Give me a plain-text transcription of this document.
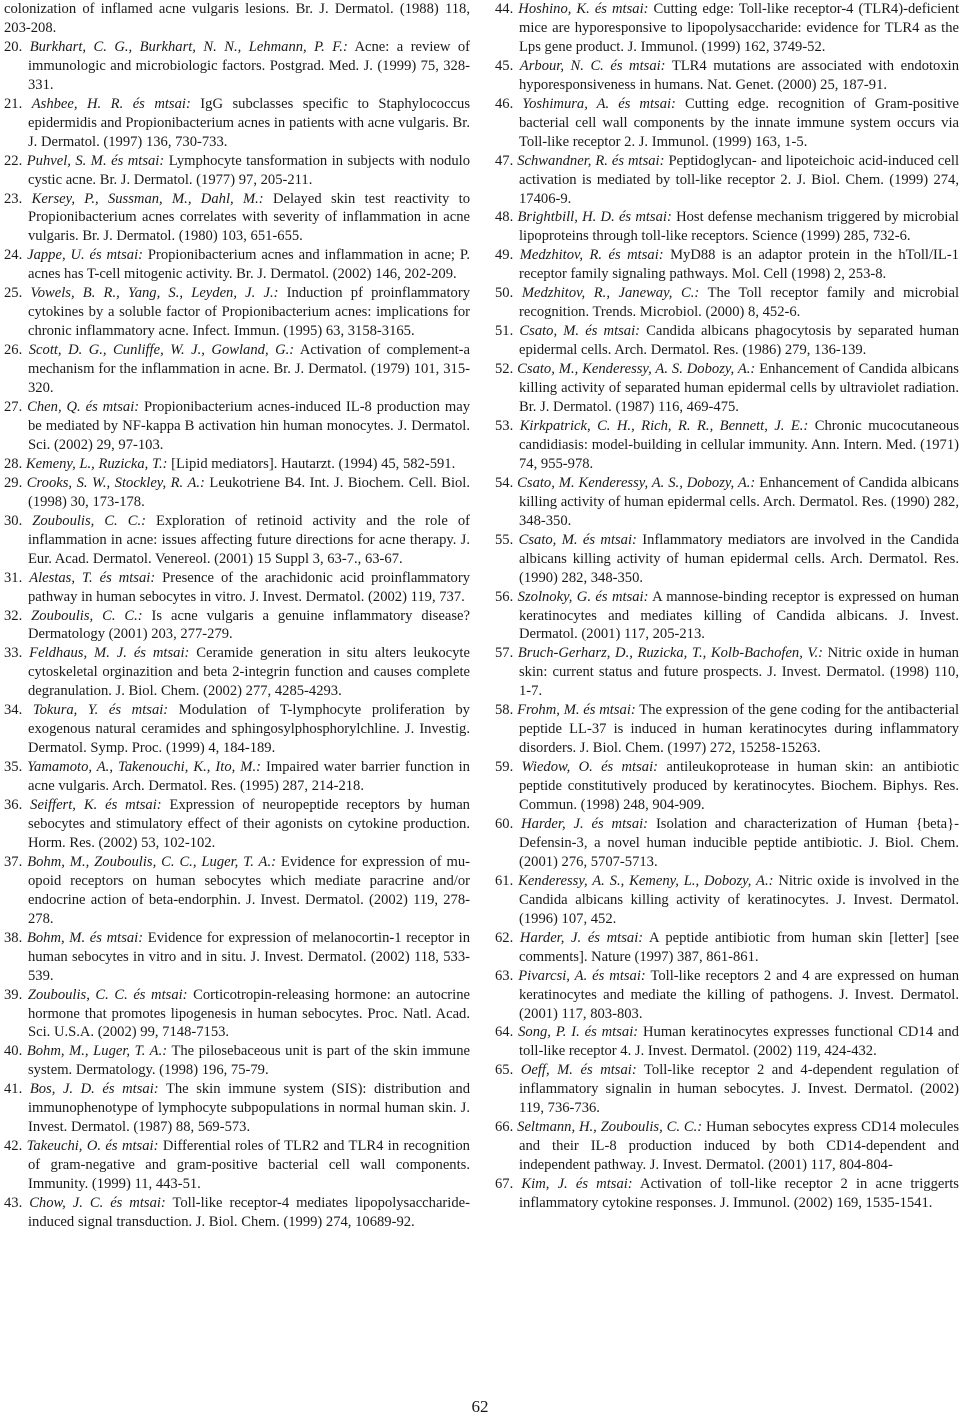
colonization of inflamed acne vulgaris lesions. Br. J. Dermatol. (1988) 118, 203-208.

20. Burkhart, C. G., Burkhart, N. N., Lehmann, P. F.: Acne: a review of immunologic and microbiologic factors. Postgrad. Med. J. (1999) 75, 328-331.

21. Ashbee, H. R. és mtsai: IgG subclasses specific to Staphylococcus epidermidis and Propionibacterium acnes in patients with acne vulgaris. Br. J. Dermatol. (1997) 136, 730-733.

22. Puhvel, S. M. és mtsai: Lymphocyte tansformation in subjects with nodulo cystic acne. Br. J. Dermatol. (1977) 97, 205-211.

23. Kersey, P., Sussman, M., Dahl, M.: Delayed skin test reactivity to Propionibacterium acnes correlates with severity of inflammation in acne vulgaris. Br. J. Dermatol. (1980) 103, 651-655.

24. Jappe, U. és mtsai: Propionibacterium acnes and inflammation in acne; P. acnes has T-cell mitogenic activity. Br. J. Dermatol. (2002) 146, 202-209.

25. Vowels, B. R., Yang, S., Leyden, J. J.: Induction pf proinflammatory cytokines by a soluble factor of Propionibacterium acnes: implications for chronic inflammatory acne. Infect. Immun. (1995) 63, 3158-3165.

26. Scott, D. G., Cunliffe, W. J., Gowland, G.: Activation of complement-a mechanism for the inflammation in acne. Br. J. Dermatol. (1979) 101, 315-320.

27. Chen, Q. és mtsai: Propionibacterium acnes-induced IL-8 production may be mediated by NF-kappa B activation hin human monocytes. J. Dermatol. Sci. (2002) 29, 97-103.

28. Kemeny, L., Ruzicka, T.: [Lipid mediators]. Hautarzt. (1994) 45, 582-591.

29. Crooks, S. W., Stockley, R. A.: Leukotriene B4. Int. J. Biochem. Cell. Biol. (1998) 30, 173-178.

30. Zouboulis, C. C.: Exploration of retinoid activity and the role of inflammation in acne: issues affecting future directions for acne therapy. J. Eur. Acad. Dermatol. Venereol. (2001) 15 Suppl 3, 63-7., 63-67.

31. Alestas, T. és mtsai: Presence of the arachidonic acid proinflammatory pathway in human sebocytes in vitro. J. Invest. Dermatol. (2002) 119, 737.

32. Zouboulis, C. C.: Is acne vulgaris a genuine inflammatory disease? Dermatology (2001) 203, 277-279.

33. Feldhaus, M. J. és mtsai: Ceramide generation in situ alters leukocyte cytoskeletal orginazition and beta 2-integrin function and causes complete degranulation. J. Biol. Chem. (2002) 277, 4285-4293.

34. Tokura, Y. és mtsai: Modulation of T-lymphocyte proliferation by exogenous natural ceramides and sphingosylphosphorylchline. J. Investig. Dermatol. Symp. Proc. (1999) 4, 184-189.

35. Yamamoto, A., Takenouchi, K., Ito, M.: Impaired water barrier function in acne vulgaris. Arch. Dermatol. Res. (1995) 287, 214-218.

36. Seiffert, K. és mtsai: Expression of neuropeptide receptors by human sebocytes and stimulatory effect of their agonists on cytokine production. Horm. Res. (2002) 53, 102-102.

37. Bohm, M., Zouboulis, C. C., Luger, T. A.: Evidence for expression of mu-opoid receptors on human sebocytes which mediate paracrine and/or endocrine action of beta-endorphin. J. Invest. Dermatol. (2002) 119, 278-278.

38. Bohm, M. és mtsai: Evidence for expression of melanocortin-1 receptor in human sebocytes in vitro and in situ. J. Invest. Dermatol. (2002) 118, 533-539.

39. Zouboulis, C. C. és mtsai: Corticotropin-releasing hormone: an autocrine hormone that promotes lipogenesis in human sebocytes. Proc. Natl. Acad. Sci. U.S.A. (2002) 99, 7148-7153.

40. Bohm, M., Luger, T. A.: The pilosebaceous unit is part of the skin immune system. Dermatology. (1998) 196, 75-79.

41. Bos, J. D. és mtsai: The skin immune system (SIS): distribution and immunophenotype of lymphocyte subpopulations in normal human skin. J. Invest. Dermatol. (1987) 88, 569-573.

42. Takeuchi, O. és mtsai: Differential roles of TLR2 and TLR4 in recognition of gram-negative and gram-positive bacterial cell wall components. Immunity. (1999) 11, 443-51.

43. Chow, J. C. és mtsai: Toll-like receptor-4 mediates lipopolysaccharide-induced signal transduction. J. Biol. Chem. (1999) 274, 10689-92.

44. Hoshino, K. és mtsai: Cutting edge: Toll-like receptor-4 (TLR4)-deficient mice are hyporesponsive to lipopolysaccharide: evidence for TLR4 as the Lps gene product. J. Immunol. (1999) 162, 3749-52.

45. Arbour, N. C. és mtsai: TLR4 mutations are associated with endotoxin hyporesponsiveness in humans. Nat. Genet. (2000) 25, 187-91.

46. Yoshimura, A. és mtsai: Cutting edge. recognition of Gram-positive bacterial cell wall components by the innate immune system occurs via Toll-like receptor 2. J. Immunol. (1999) 163, 1-5.

47. Schwandner, R. és mtsai: Peptidoglycan- and lipoteichoic acid-induced cell activation is mediated by toll-like receptor 2. J. Biol. Chem. (1999) 274, 17406-9.

48. Brightbill, H. D. és mtsai: Host defense mechanism triggered by microbial lipoproteins through toll-like receptors. Science (1999) 285, 732-6.

49. Medzhitov, R. és mtsai: MyD88 is an adaptor protein in the hToll/IL-1 receptor family signaling pathways. Mol. Cell (1998) 2, 253-8.

50. Medzhitov, R., Janeway, C.: The Toll receptor family and microbial recognition. Trends. Microbiol. (2000) 8, 452-6.

51. Csato, M. és mtsai: Candida albicans phagocytosis by separated human epidermal cells. Arch. Dermatol. Res. (1986) 279, 136-139.

52. Csato, M., Kenderessy, A. S. Dobozy, A.: Enhancement of Candida albicans killing activity of separated human epidermal cells by ultraviolet radiation. Br. J. Dermatol. (1987) 116, 469-475.

53. Kirkpatrick, C. H., Rich, R. R., Bennett, J. E.: Chronic mucocutaneous candidiasis: model-building in cellular immunity. Ann. Intern. Med. (1971) 74, 955-978.

54. Csato, M. Kenderessy, A. S., Dobozy, A.: Enhancement of Candida albicans killing activity of human epidermal cells. Arch. Dermatol. Res. (1990) 282, 348-350.

55. Csato, M. és mtsai: Inflammatory mediators are involved in the Candida albicans killing activity of human epidermal cells. Arch. Dermatol. Res. (1990) 282, 348-350.

56. Szolnoky, G. és mtsai: A mannose-binding receptor is expressed on human keratinocytes and mediates killing of Candida albicans. J. Invest. Dermatol. (2001) 117, 205-213.

57. Bruch-Gerharz, D., Ruzicka, T., Kolb-Bachofen, V.: Nitric oxide in human skin: current status and future prospects. J. Invest. Dermatol. (1998) 110, 1-7.

58. Frohm, M. és mtsai: The expression of the gene coding for the antibacterial peptide LL-37 is induced in human keratinocytes during inflammatory disorders. J. Biol. Chem. (1997) 272, 15258-15263.

59. Wiedow, O. és mtsai: antileukoprotease in human skin: an antibiotic peptide constitutively produced by keratinocytes. Biochem. Biphys. Res. Commun. (1998) 248, 904-909.

60. Harder, J. és mtsai: Isolation and characterization of Human {beta}-Defensin-3, a novel human inducible peptide antibiotic. J. Biol. Chem. (2001) 276, 5707-5713.

61. Kenderessy, A. S., Kemeny, L., Dobozy, A.: Nitric oxide is involved in the Candida albicans killing activity of keratinocytes. J. Invest. Dermatol. (1996) 107, 452.

62. Harder, J. és mtsai: A peptide antibiotic from human skin [letter] [see comments]. Nature (1997) 387, 861-861.

63. Pivarcsi, A. és mtsai: Toll-like receptors 2 and 4 are expressed on human keratinocytes and mediate the killing of pathogens. J. Invest. Dermatol. (2001) 117, 803-803.

64. Song, P. I. és mtsai: Human keratinocytes expresses functional CD14 and toll-like receptor 4. J. Invest. Dermatol. (2002) 119, 424-432.

65. Oeff, M. és mtsai: Toll-like receptor 2 and 4-dependent regulation of inflammatory signalin in human sebocytes. J. Invest. Dermatol. (2002) 119, 736-736.

66. Seltmann, H., Zouboulis, C. C.: Human sebocytes express CD14 molecules and their IL-8 production induced by both CD14-dependent and independent pathway. J. Invest. Dermatol. (2001) 117, 804-804-

67. Kim, J. és mtsai: Activation of toll-like receptor 2 in acne triggerts inflammatory cytokine responses. J. Immunol. (2002) 169, 1535-1541.

62
